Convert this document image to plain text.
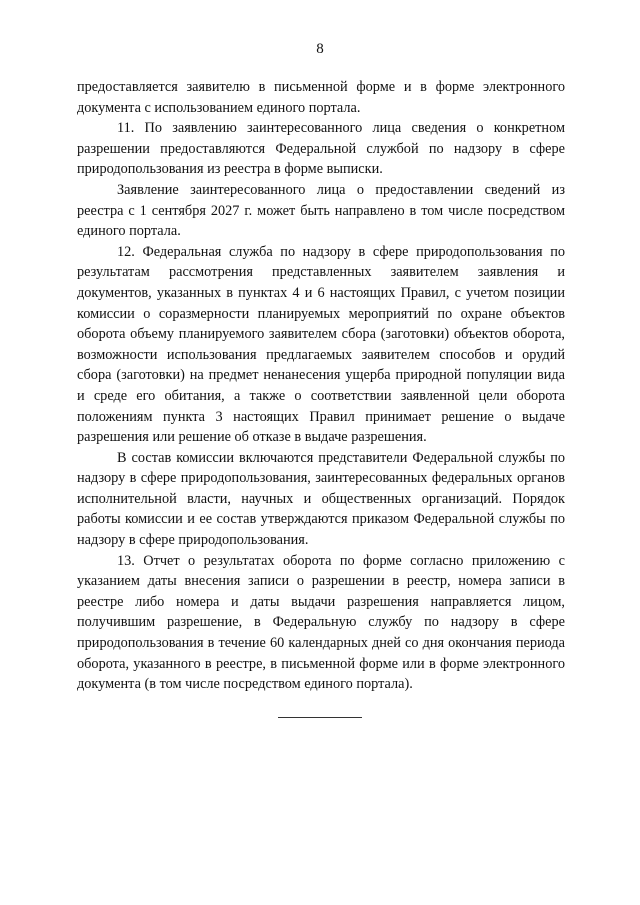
8

предоставляется заявителю в письменной форме и в форме электронного документа с использованием единого портала.

11. По заявлению заинтересованного лица сведения о конкретном разрешении предоставляются Федеральной службой по надзору в сфере природопользования из реестра в форме выписки.

Заявление заинтересованного лица о предоставлении сведений из реестра с 1 сентября 2027 г. может быть направлено в том числе посредством единого портала.

12. Федеральная служба по надзору в сфере природопользования по результатам рассмотрения представленных заявителем заявления и документов, указанных в пунктах 4 и 6 настоящих Правил, с учетом позиции комиссии о соразмерности планируемых мероприятий по охране объектов оборота объему планируемого заявителем сбора (заготовки) объектов оборота, возможности использования предлагаемых заявителем способов и орудий сбора (заготовки) на предмет ненанесения ущерба природной популяции вида и среде его обитания, а также о соответствии заявленной цели оборота положениям пункта 3 настоящих Правил принимает решение о выдаче разрешения или решение об отказе в выдаче разрешения.

В состав комиссии включаются представители Федеральной службы по надзору в сфере природопользования, заинтересованных федеральных органов исполнительной власти, научных и общественных организаций. Порядок работы комиссии и ее состав утверждаются приказом Федеральной службы по надзору в сфере природопользования.

13. Отчет о результатах оборота по форме согласно приложению с указанием даты внесения записи о разрешении в реестр, номера записи в реестре либо номера и даты выдачи разрешения направляется лицом, получившим разрешение, в Федеральную службу по надзору в сфере природопользования в течение 60 календарных дней со дня окончания периода оборота, указанного в реестре, в письменной форме или в форме электронного документа (в том числе посредством единого портала).
